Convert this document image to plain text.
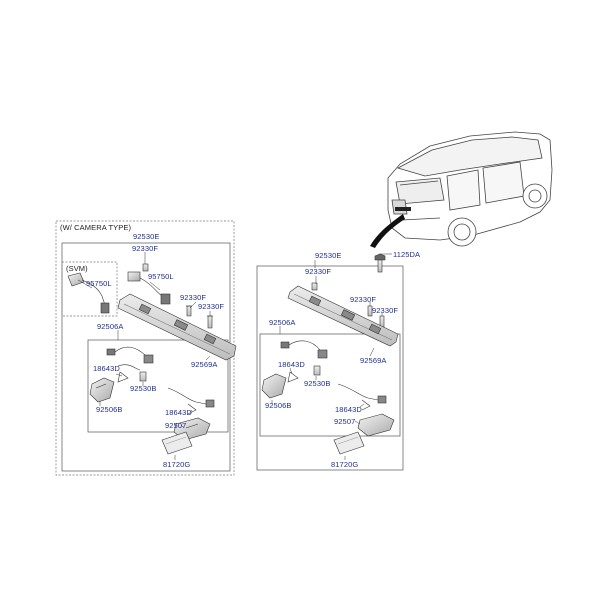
(W/ CAMERA TYPE)
(SVM)
92530E
92330F
95750L
95750L
92330F
92330F
92506A
92569A
18643D
92530B
92506B	18643D
92507
81720G
1125DA
92530E
92330F
92330F
92330F
92506A
92569A
18643D
92530B
92506B	18643D
92507
81720G
